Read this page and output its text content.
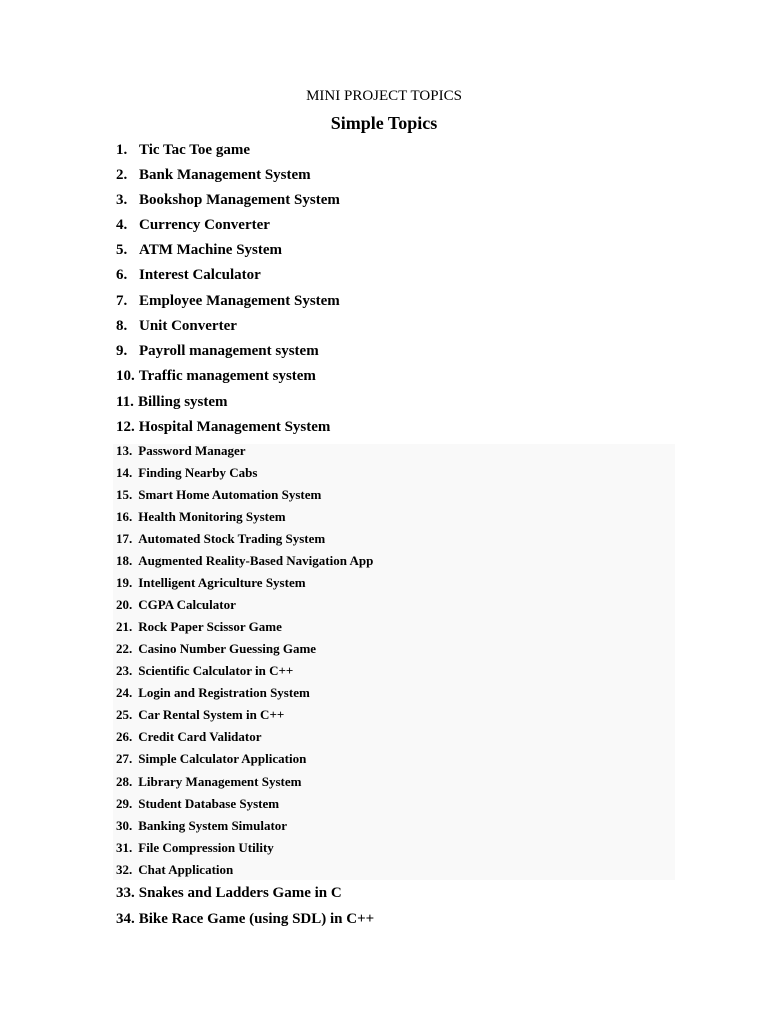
MINI PROJECT TOPICS
Simple Topics
1. Tic Tac Toe game
2. Bank Management System
3. Bookshop Management System
4. Currency Converter
5. ATM Machine System
6. Interest Calculator
7. Employee Management System
8. Unit Converter
9. Payroll management system
10. Traffic management system
11. Billing system
12. Hospital Management System
13. Password Manager
14. Finding Nearby Cabs
15. Smart Home Automation System
16. Health Monitoring System
17. Automated Stock Trading System
18. Augmented Reality-Based Navigation App
19. Intelligent Agriculture System
20. CGPA Calculator
21. Rock Paper Scissor Game
22. Casino Number Guessing Game
23. Scientific Calculator in C++
24. Login and Registration System
25. Car Rental System in C++
26. Credit Card Validator
27. Simple Calculator Application
28. Library Management System
29. Student Database System
30. Banking System Simulator
31. File Compression Utility
32. Chat Application
33. Snakes and Ladders Game in C
34. Bike Race Game (using SDL) in C++
